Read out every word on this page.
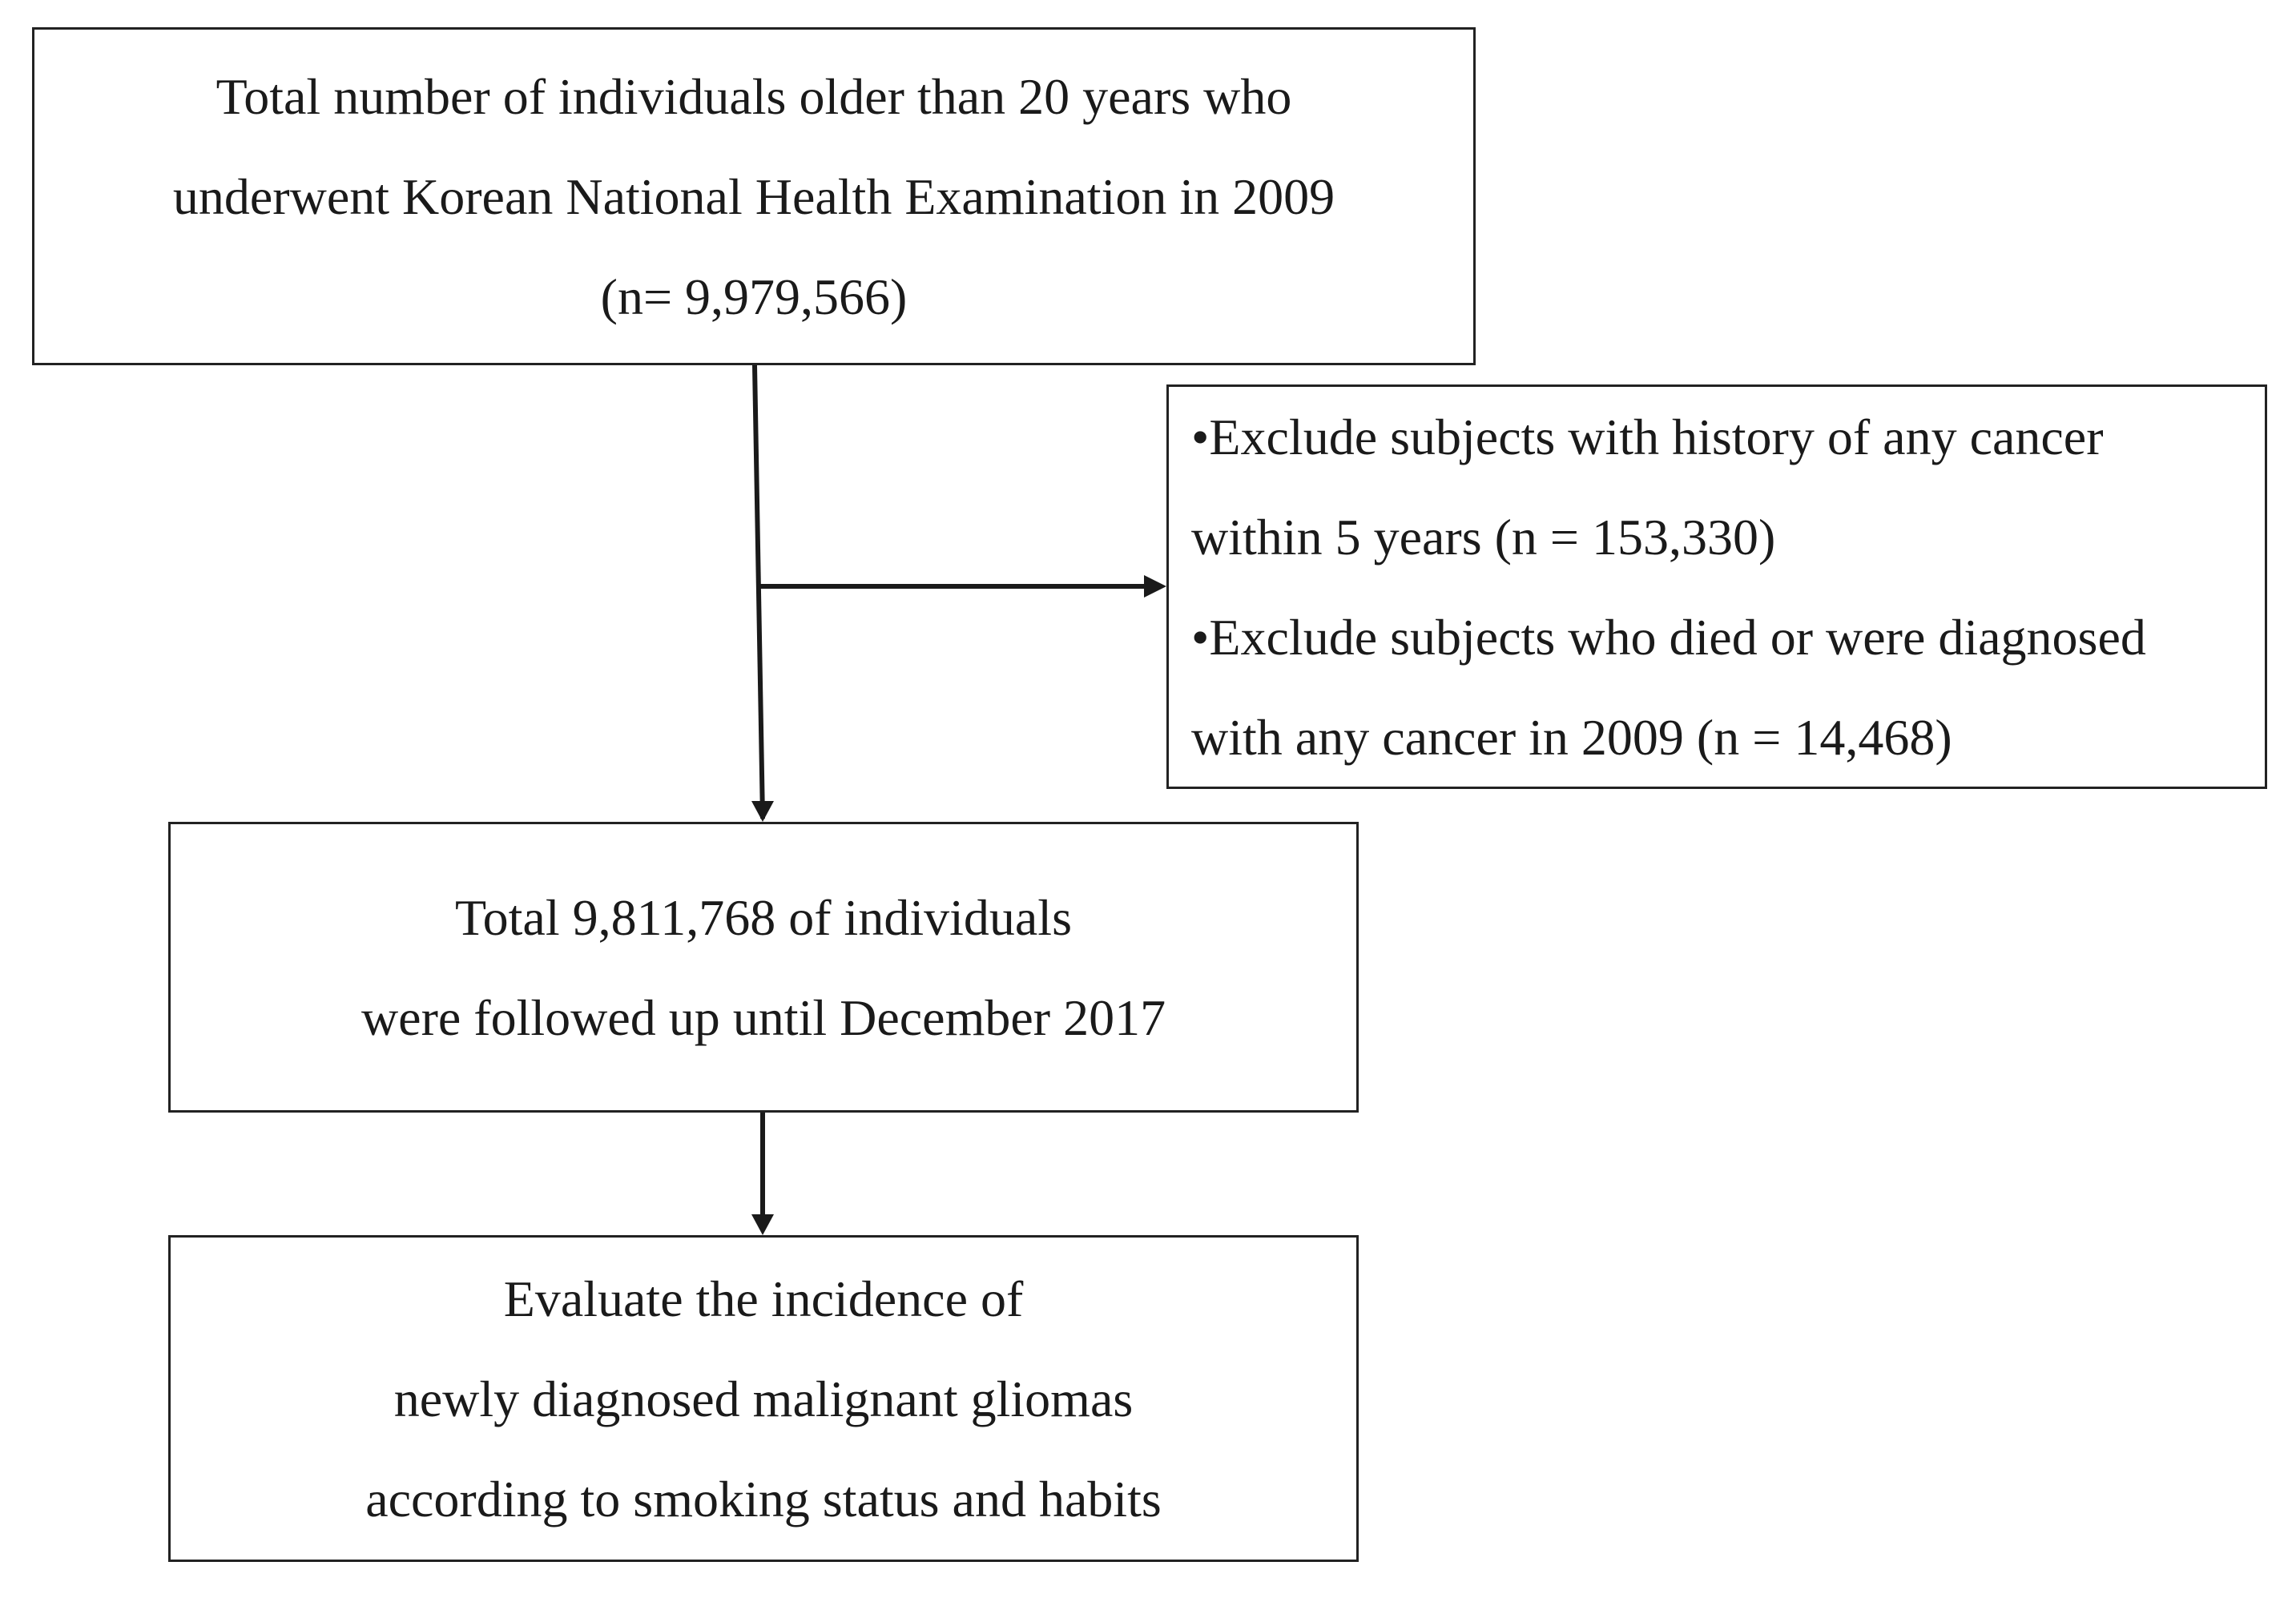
Total number of individuals older than 20 years who
underwent Korean National Health Examination in 2009
(n= 9,979,566)
•Exclude subjects with history of any cancer
within 5 years (n = 153,330)
•Exclude subjects who died or were diagnosed
with any cancer in 2009 (n = 14,468)
Total 9,811,768 of individuals
were followed up until December 2017
Evaluate the incidence of
newly diagnosed malignant gliomas
according to smoking status and habits
